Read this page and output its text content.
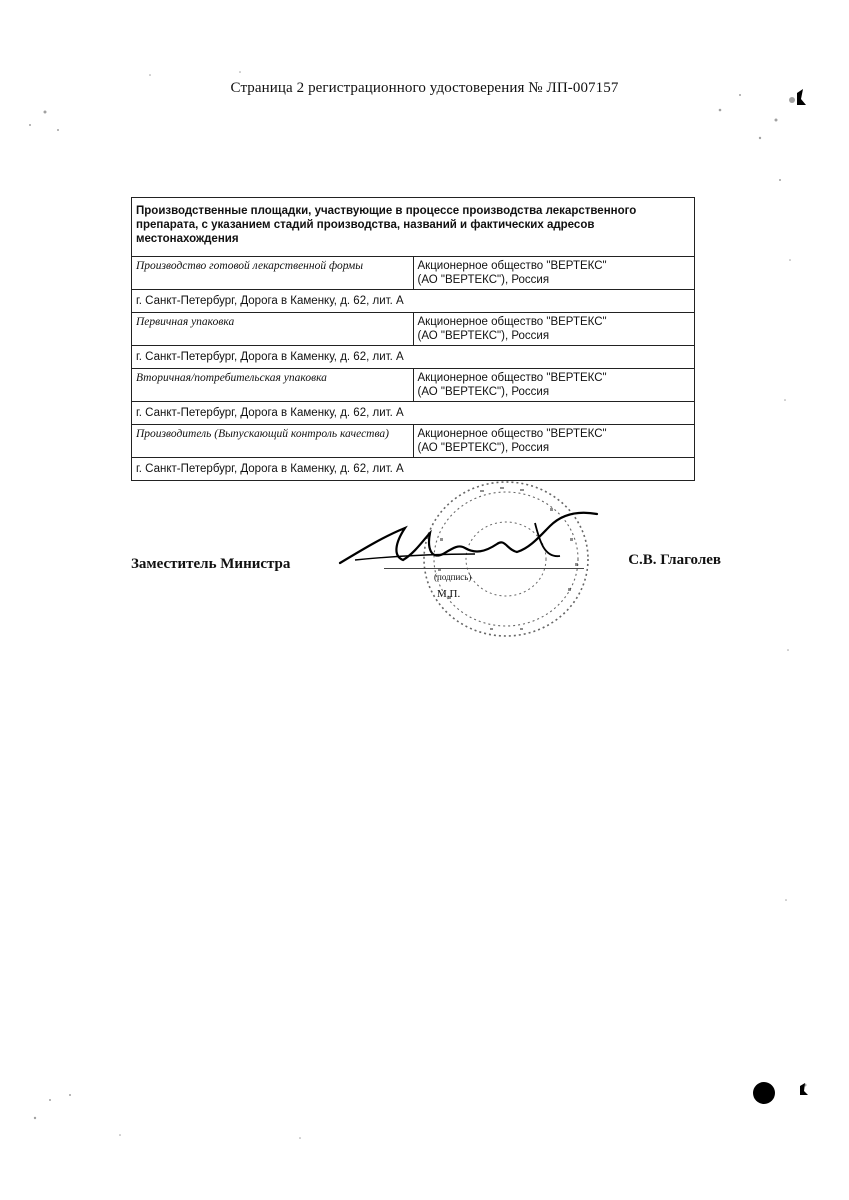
Страница 2 регистрационного удостоверения № ЛП-007157
Производственные площадки, участвующие в процессе производства лекарственного препарата, с указанием стадий производства, названий и фактических адресов местонахождения	
Производство готовой лекарственной формы	Акционерное общество "ВЕРТЕКС"
(АО "ВЕРТЕКС"), Россия

г. Санкт-Петербург, Дорога в Каменку, д. 62, лит. А	
Первичная упаковка	Акционерное общество "ВЕРТЕКС"
(АО "ВЕРТЕКС"), Россия

г. Санкт-Петербург, Дорога в Каменку, д. 62, лит. А	
Вторичная/потребительская упаковка	Акционерное общество "ВЕРТЕКС"
(АО "ВЕРТЕКС"), Россия

г. Санкт-Петербург, Дорога в Каменку, д. 62, лит. А	
Производитель (Выпускающий контроль качества)	Акционерное общество "ВЕРТЕКС"
(АО "ВЕРТЕКС"), Россия

г. Санкт-Петербург, Дорога в Каменку, д. 62, лит. А	
Заместитель Министра
(подпись)
М.П.
С.В. Глаголев
